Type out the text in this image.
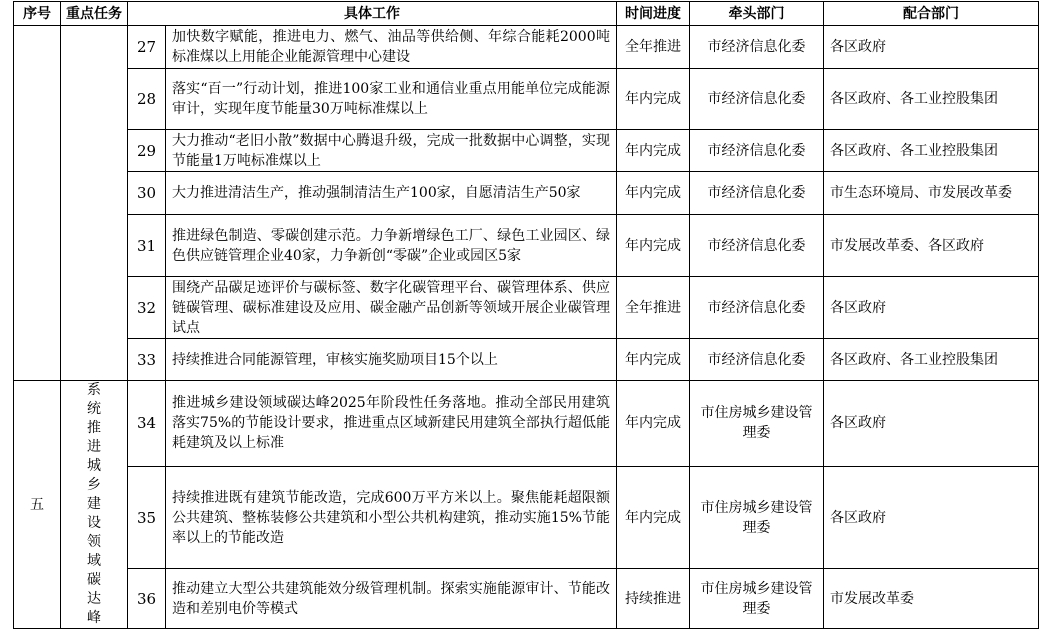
序号	重点任务	具体工作		时间进度	牵头部门	配合部门
		27	加快数字赋能，推进电力、燃气、油品等供给侧、年综合能耗2000吨标准煤以上用能企业能源管理中心建设	全年推进	市经济信息化委	各区政府
		28	落实“百一”行动计划，推进100家工业和通信业重点用能单位完成能源审计，实现年度节能量30万吨标准煤以上	年内完成	市经济信息化委	各区政府、各工业控股集团
		29	大力推动“老旧小散”数据中心腾退升级，完成一批数据中心调整，实现节能量1万吨标准煤以上	年内完成	市经济信息化委	各区政府、各工业控股集团
		30	大力推进清洁生产，推动强制清洁生产100家，自愿清洁生产50家	年内完成	市经济信息化委	市生态环境局、市发展改革委
		31	推进绿色制造、零碳创建示范。力争新增绿色工厂、绿色工业园区、绿色供应链管理企业40家，力争新创“零碳”企业或园区5家	年内完成	市经济信息化委	市发展改革委、各区政府
		32	围绕产品碳足迹评价与碳标签、数字化碳管理平台、碳管理体系、供应链碳管理、碳标准建设及应用、碳金融产品创新等领域开展企业碳管理试点	全年推进	市经济信息化委	各区政府
		33	持续推进合同能源管理，审核实施奖励项目15个以上	年内完成	市经济信息化委	各区政府、各工业控股集团
五	系统推进城乡建设领域碳达峰	34	推进城乡建设领域碳达峰2025年阶段性任务落地。推动全部民用建筑落实75%的节能设计要求，推进重点区域新建民用建筑全部执行超低能耗建筑及以上标准	年内完成	市住房城乡建设管理委	各区政府
		35	持续推进既有建筑节能改造，完成600万平方米以上。聚焦能耗超限额公共建筑、整栋装修公共建筑和小型公共机构建筑，推动实施15%节能率以上的节能改造	年内完成	市住房城乡建设管理委	各区政府
		36	推动建立大型公共建筑能效分级管理机制。探索实施能源审计、节能改造和差别电价等模式	持续推进	市住房城乡建设管理委	市发展改革委
